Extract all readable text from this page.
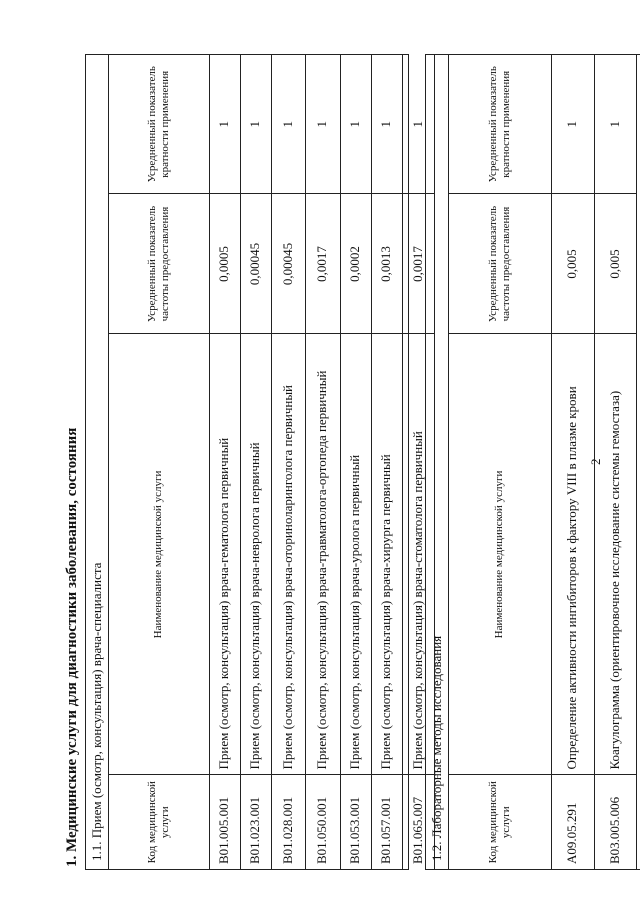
2
1. Медицинские услуги для диагностики заболевания, состояния 1.1. Прием (осмотр, консультация) врача-специалиста	Код медицинской услуги	Наименование медицинской услуги	Усредненный показатель частоты предоставления	Усредненный показатель кратности применения
B01.005.001	Прием (осмотр, консультация) врача-гематолога первичный	0,0005	1
B01.023.001	Прием (осмотр, консультация) врача-невролога первичный	0,00045	1
B01.028.001	Прием (осмотр, консультация) врача-оториноларинголога первичный	0,00045	1
B01.050.001	Прием (осмотр, консультация) врача-травматолога-ортопеда первичный	0,0017	1
B01.053.001	Прием (осмотр, консультация) врача-уролога первичный	0,0002	1
B01.057.001	Прием (осмотр, консультация) врача-хирурга первичный	0,0013	1
B01.065.007	Прием (осмотр, консультация) врача-стоматолога первичный	0,0017	1
1.2. Лабораторные методы исследования	Код медицинской услуги	Наименование медицинской услуги	Усредненный показатель частоты предоставления	Усредненный показатель кратности применения
A09.05.291	Определение активности ингибиторов к фактору VIII в плазме крови	0,005	1
B03.005.006	Коагулограмма (ориентировочное исследование системы гемостаза)	0,005	1
